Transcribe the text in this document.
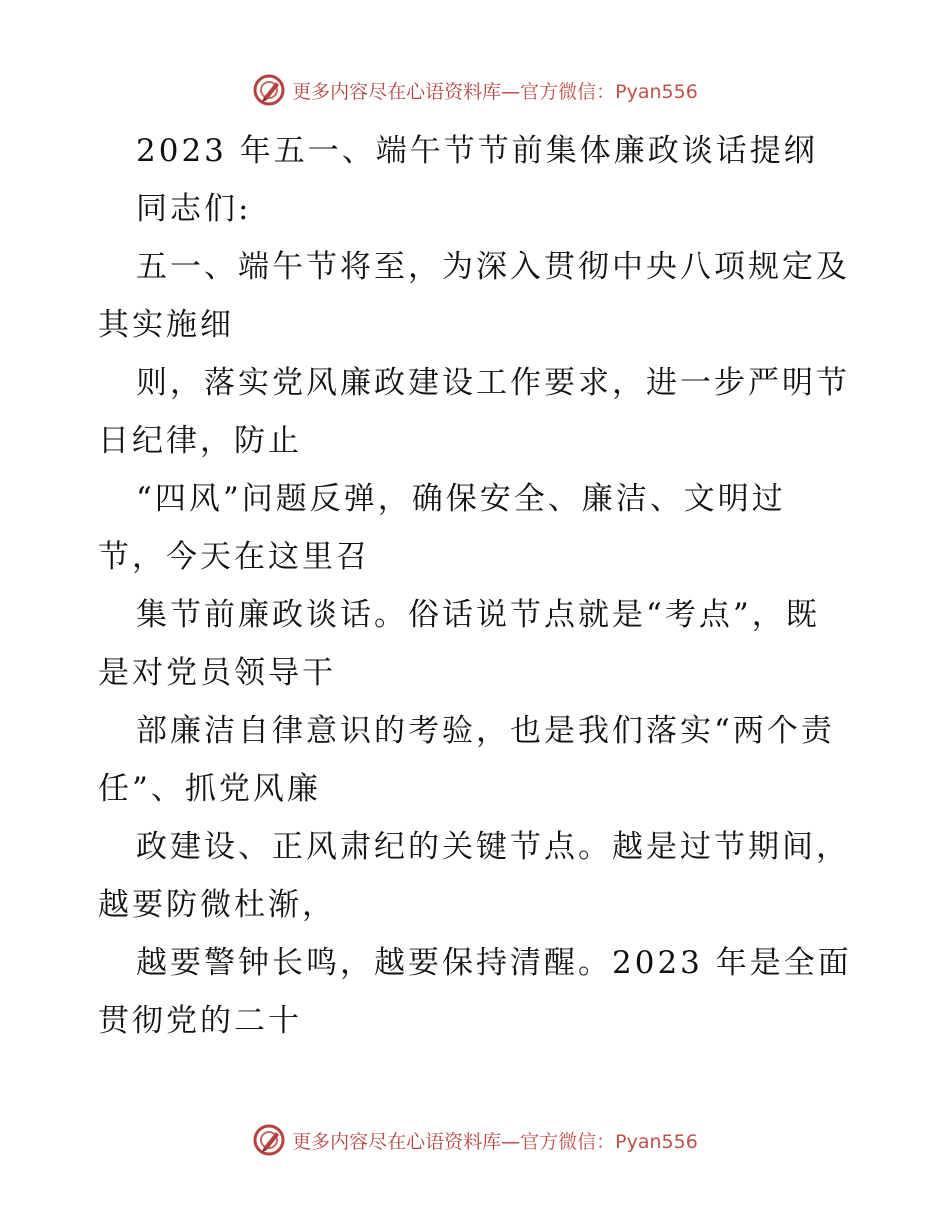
更多内容尽在心语资料库—官方微信：Pyan556
2023 年五一、端午节节前集体廉政谈话提纲
同志们:
五一、端午节将至，为深入贯彻中央八项规定及
其实施细
则，落实党风廉政建设工作要求，进一步严明节
日纪律，防止
“四风”问题反弹，确保安全、廉洁、文明过
节，今天在这里召
集节前廉政谈话。俗话说节点就是“考点”，既
是对党员领导干
部廉洁自律意识的考验，也是我们落实“两个责
任”、抓党风廉
政建设、正风肃纪的关键节点。越是过节期间，
越要防微杜渐，
越要警钟长鸣，越要保持清醒。2023 年是全面
贯彻党的二十
更多内容尽在心语资料库—官方微信：Pyan556
